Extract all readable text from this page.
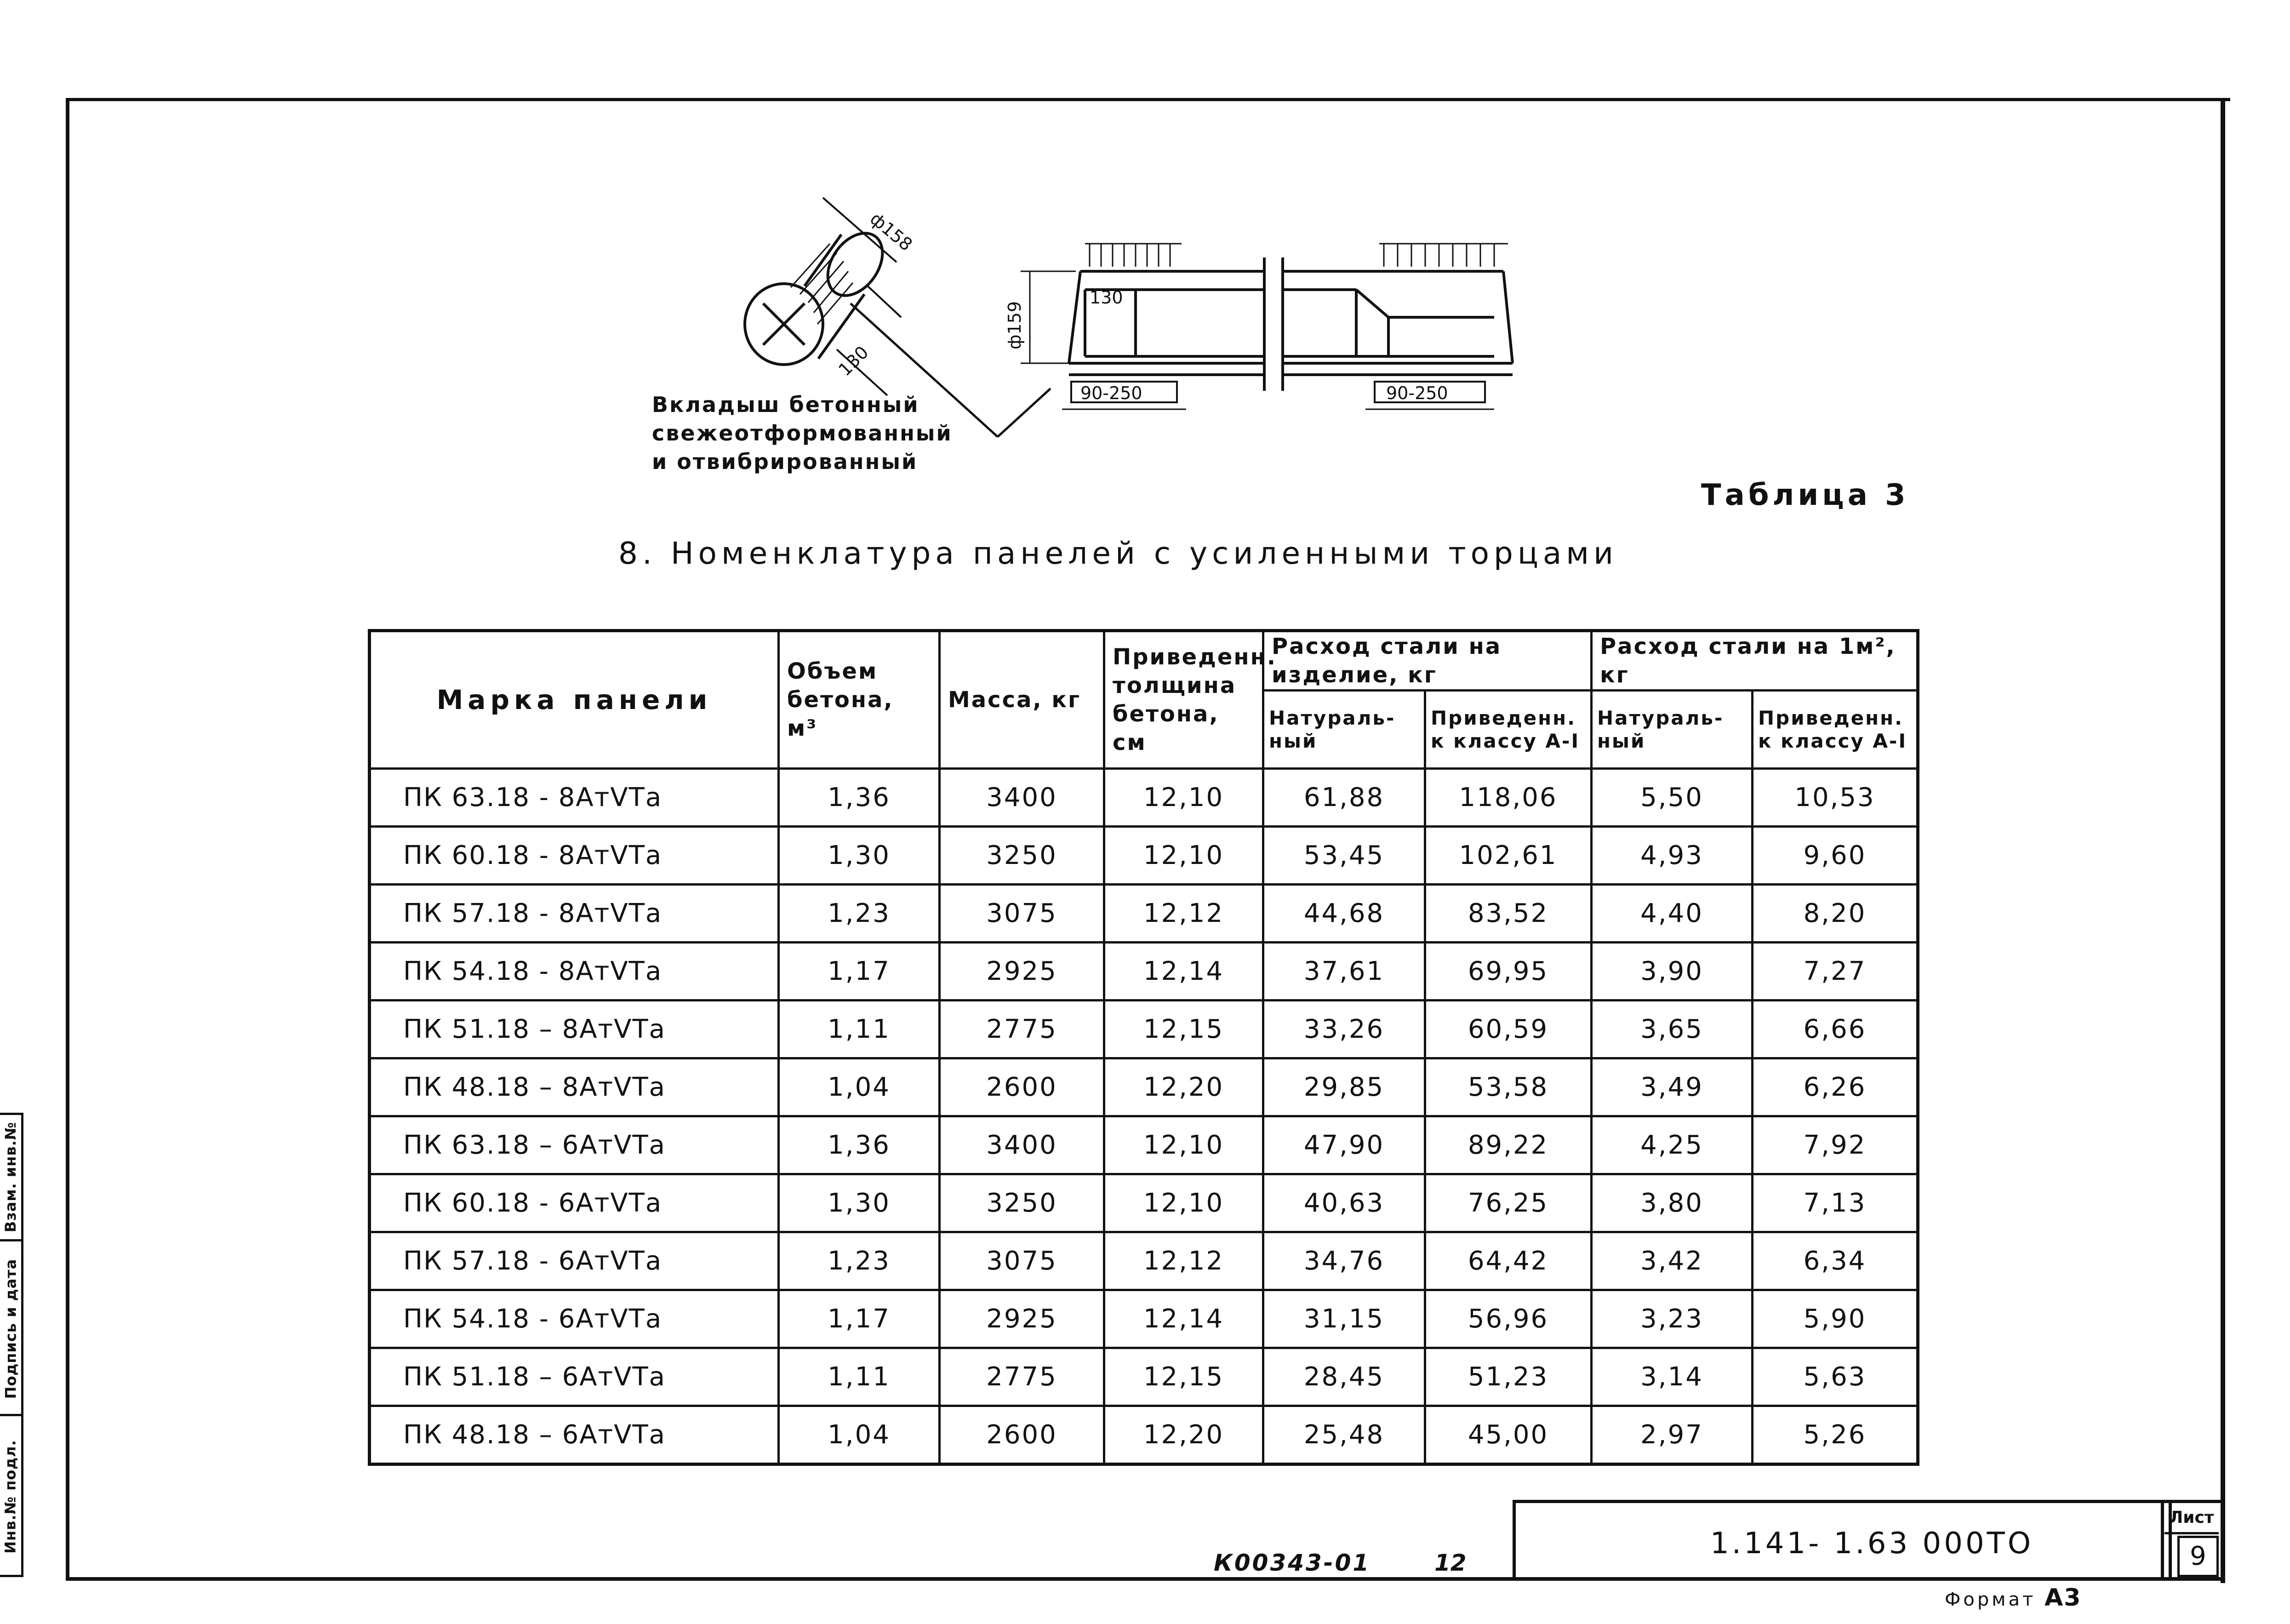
ф158
130
ф159
130
90-250	90-250
Вкладыш бетонный
свежеотформованный
и отвибрированный
Таблица 3
8. Номенклатура панелей с усиленными торцами
Марка панели	Объем бетона, м³	Масса, кг	Приведенн. толщина бетона, см	Расход стали на изделие, кг		Расход стали на 1м², кг	
				Натураль- ный	Приведенн. к классу А-I	Натураль- ный	Приведенн. к классу А-I
ПК 63.18 - 8АтⅤТа	1,36	3400	12,10	61,88	118,06	5,50	10,53
ПК 60.18 - 8АтⅤТа	1,30	3250	12,10	53,45	102,61	4,93	9,60
ПК 57.18 - 8АтⅤТа	1,23	3075	12,12	44,68	83,52	4,40	8,20
ПК 54.18 - 8АтⅤТа	1,17	2925	12,14	37,61	69,95	3,90	7,27
ПК 51.18 – 8АтⅤТа	1,11	2775	12,15	33,26	60,59	3,65	6,66
ПК 48.18 – 8АтⅤТа	1,04	2600	12,20	29,85	53,58	3,49	6,26
ПК 63.18 – 6АтⅤТа	1,36	3400	12,10	47,90	89,22	4,25	7,92
ПК 60.18 - 6АтⅤТа	1,30	3250	12,10	40,63	76,25	3,80	7,13
ПК 57.18 - 6АтⅤТа	1,23	3075	12,12	34,76	64,42	3,42	6,34
ПК 54.18 - 6АтⅤТа	1,17	2925	12,14	31,15	56,96	3,23	5,90
ПК 51.18 – 6АтⅤТа	1,11	2775	12,15	28,45	51,23	3,14	5,63
ПК 48.18 – 6АтⅤТа	1,04	2600	12,20	25,48	45,00	2,97	5,26
Взам. инв.№
Подпись и дата
Инв.№ подл.	1.141- 1.63 000ТО
Лист
9
К00343-01	12
Формат А3
